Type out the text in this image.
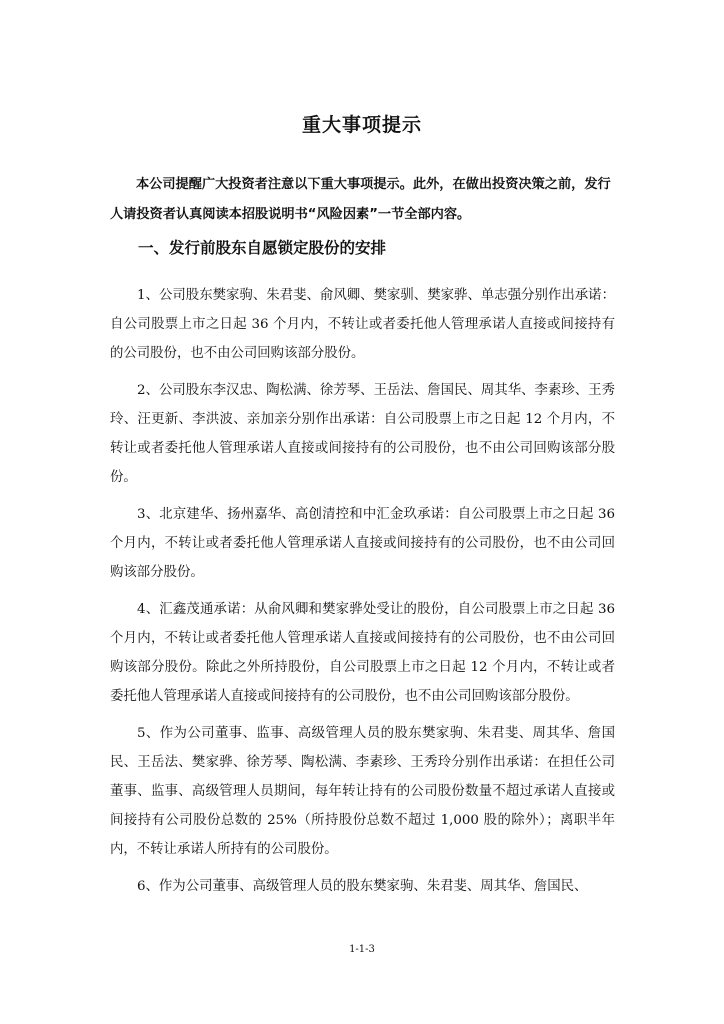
重大事项提示

本公司提醒广大投资者注意以下重大事项提示。此外，在做出投资决策之前，发行人请投资者认真阅读本招股说明书“风险因素”一节全部内容。

一、发行前股东自愿锁定股份的安排

1、公司股东樊家驹、朱君斐、俞风卿、樊家驯、樊家骅、单志强分别作出承诺：自公司股票上市之日起 36 个月内，不转让或者委托他人管理承诺人直接或间接持有的公司股份，也不由公司回购该部分股份。

2、公司股东李汉忠、陶松满、徐芳琴、王岳法、詹国民、周其华、李素珍、王秀玲、汪更新、李洪波、亲加亲分别作出承诺：自公司股票上市之日起 12 个月内，不转让或者委托他人管理承诺人直接或间接持有的公司股份，也不由公司回购该部分股份。

3、北京建华、扬州嘉华、高创清控和中汇金玖承诺：自公司股票上市之日起 36 个月内，不转让或者委托他人管理承诺人直接或间接持有的公司股份，也不由公司回购该部分股份。

4、汇鑫茂通承诺：从俞风卿和樊家骅处受让的股份，自公司股票上市之日起 36 个月内，不转让或者委托他人管理承诺人直接或间接持有的公司股份，也不由公司回购该部分股份。除此之外所持股份，自公司股票上市之日起 12 个月内，不转让或者委托他人管理承诺人直接或间接持有的公司股份，也不由公司回购该部分股份。

5、作为公司董事、监事、高级管理人员的股东樊家驹、朱君斐、周其华、詹国民、王岳法、樊家骅、徐芳琴、陶松满、李素珍、王秀玲分别作出承诺：在担任公司董事、监事、高级管理人员期间，每年转让持有的公司股份数量不超过承诺人直接或间接持有公司股份总数的 25%（所持股份总数不超过 1,000 股的除外）；离职半年内，不转让承诺人所持有的公司股份。

6、作为公司董事、高级管理人员的股东樊家驹、朱君斐、周其华、詹国民、

1-1-3
